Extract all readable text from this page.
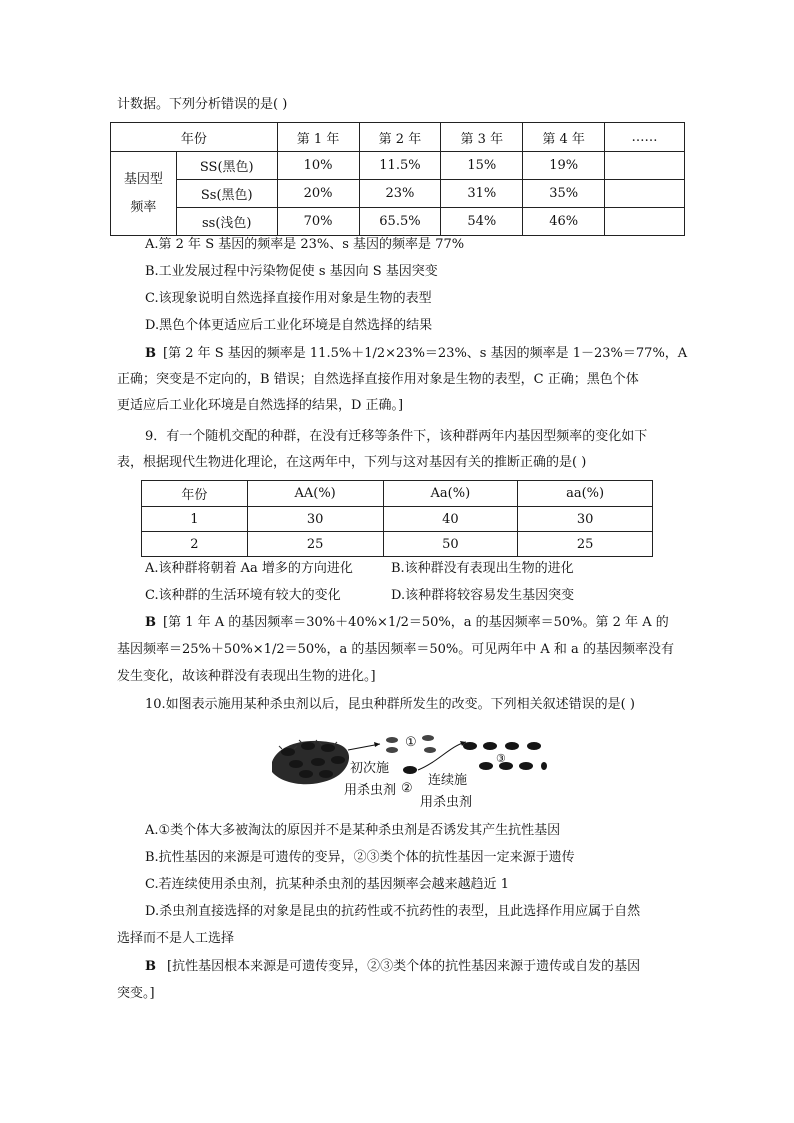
计数据。下列分析错误的是( )
年份		第 1 年	第 2 年	第 3 年	第 4 年	……

基因型
频率	SS(黑色)	10%	11.5%	15%	19%	
	Ss(黑色)	20%	23%	31%	35%	
	ss(浅色)	70%	65.5%	54%	46%	
A.第 2 年 S 基因的频率是 23%、s 基因的频率是 77%
B.工业发展过程中污染物促使 s 基因向 S 基因突变
C.该现象说明自然选择直接作用对象是生物的表型
D.黑色个体更适应后工业化环境是自然选择的结果
B [第 2 年 S 基因的频率是 11.5%＋1/2×23%＝23%、s 基因的频率是 1－23%＝77%，A
正确；突变是不定向的，B 错误；自然选择直接作用对象是生物的表型，C 正确；黑色个体
更适应后工业化环境是自然选择的结果，D 正确。]
9．有一个随机交配的种群，在没有迁移等条件下，该种群两年内基因型频率的变化如下
表，根据现代生物进化理论，在这两年中，下列与这对基因有关的推断正确的是( )
年份	AA(%)	Aa(%)	aa(%)
1	30	40	30
2	25	50	25
A.该种群将朝着 Aa 增多的方向进化	B.该种群没有表现出生物的进化
C.该种群的生活环境有较大的变化	D.该种群将较容易发生基因突变
B [第 1 年 A 的基因频率＝30%＋40%×1/2＝50%，a 的基因频率＝50%。第 2 年 A 的
基因频率＝25%＋50%×1/2＝50%，a 的基因频率＝50%。可见两年中 A 和 a 的基因频率没有
发生变化，故该种群没有表现出生物的进化。]
10.如图表示施用某种杀虫剂以后，昆虫种群所发生的改变。下列相关叙述错误的是( )
①
③
②
初次施
用杀虫剂
连续施
用杀虫剂
A.①类个体大多被淘汰的原因并不是某种杀虫剂是否诱发其产生抗性基因
B.抗性基因的来源是可遗传的变异，②③类个体的抗性基因一定来源于遗传
C.若连续使用杀虫剂，抗某种杀虫剂的基因频率会越来越趋近 1
D.杀虫剂直接选择的对象是昆虫的抗药性或不抗药性的表型，且此选择作用应属于自然
选择而不是人工选择
B [抗性基因根本来源是可遗传变异，②③类个体的抗性基因来源于遗传或自发的基因
突变。]
